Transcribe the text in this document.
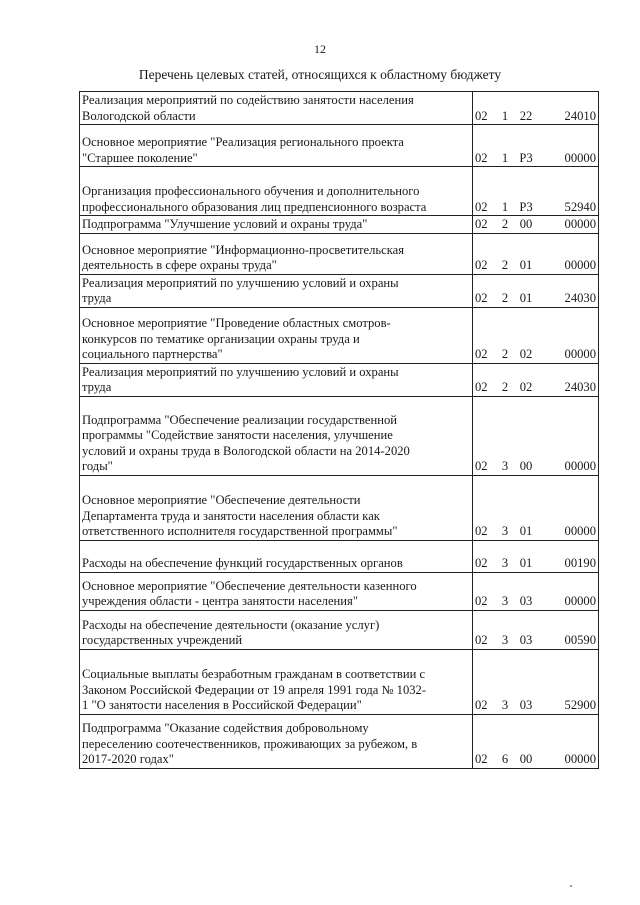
12
Перечень целевых статей, относящихся к областному бюджету
Реализация мероприятий по содействию занятости населения
Вологодской области	02 1 22 24010

Основное мероприятие "Реализация регионального проекта
"Старшее поколение"	02 1 P3 00000

Организация профессионального обучения и дополнительного
профессионального образования лиц предпенсионного возраста	02 1 P3 52940

Подпрограмма "Улучшение условий и охраны труда"	02 2 00 00000

Основное мероприятие "Информационно-просветительская
деятельность в сфере охраны труда"	02 2 01 00000

Реализация мероприятий по улучшению условий и охраны
труда	02 2 01 24030

Основное мероприятие "Проведение областных смотров-
конкурсов по тематике организации охраны труда и
социального партнерства"	02 2 02 00000

Реализация мероприятий по улучшению условий и охраны
труда	02 2 02 24030

Подпрограмма "Обеспечение реализации государственной
программы "Содействие занятости населения, улучшение
условий и охраны труда в Вологодской области на 2014-2020
годы"	02 3 00 00000

Основное мероприятие "Обеспечение деятельности
Департамента труда и занятости населения области как
ответственного исполнителя государственной программы"	02 3 01 00000

Расходы на обеспечение функций государственных органов	02 3 01 00190

Основное мероприятие "Обеспечение деятельности казенного
учреждения области - центра занятости населения"	02 3 03 00000

Расходы на обеспечение деятельности (оказание услуг)
государственных учреждений	02 3 03 00590

Социальные выплаты безработным гражданам в соответствии с
Законом Российской Федерации от 19 апреля 1991 года № 1032-
1 "О занятости населения в Российской Федерации"	02 3 03 52900

Подпрограмма "Оказание содействия добровольному
переселению соотечественников, проживающих за рубежом, в
2017-2020 годах"	02 6 00 00000
